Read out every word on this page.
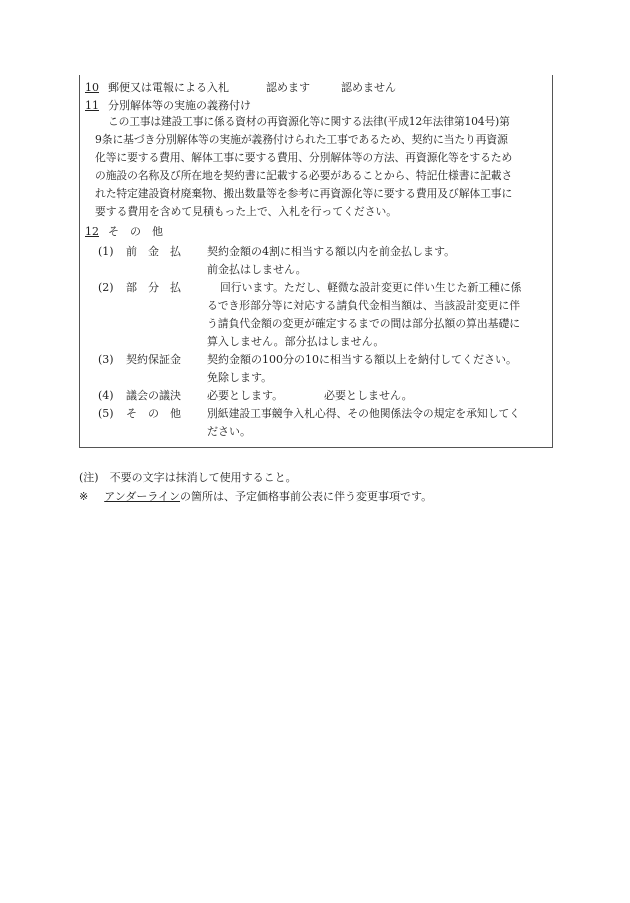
10 郵便又は電報による入札	認めます	認めません
11 分別解体等の実施の義務付け
この工事は建設工事に係る資材の再資源化等に関する法律(平成12年法律第104号)第
9条に基づき分別解体等の実施が義務付けられた工事であるため、契約に当たり再資源
化等に要する費用、解体工事に要する費用、分別解体等の方法、再資源化等をするため
の施設の名称及び所在地を契約書に記載する必要があることから、特記仕様書に記載さ
れた特定建設資材廃棄物、搬出数量等を参考に再資源化等に要する費用及び解体工事に
要する費用を含めて見積もった上で、入札を行ってください。
12 そ　の　他
(1) 前　金　払 契約金額の4割に相当する額以内を前金払します。
前金払はしません。
(2) 部　分　払	回行います。ただし、軽微な設計変更に伴い生じた新工種に係
るでき形部分等に対応する請負代金相当額は、当該設計変更に伴
う請負代金額の変更が確定するまでの間は部分払額の算出基礎に
算入しません。部分払はしません。
(3) 契約保証金 契約金額の100分の10に相当する額以上を納付してください。
免除します。
(4) 議会の議決 必要とします。	必要としません。
(5) そ　の　他 別紙建設工事競争入札心得、その他関係法令の規定を承知してく
ださい。
(注)　不要の文字は抹消して使用すること。
※ アンダーラインの箇所は、予定価格事前公表に伴う変更事項です。
